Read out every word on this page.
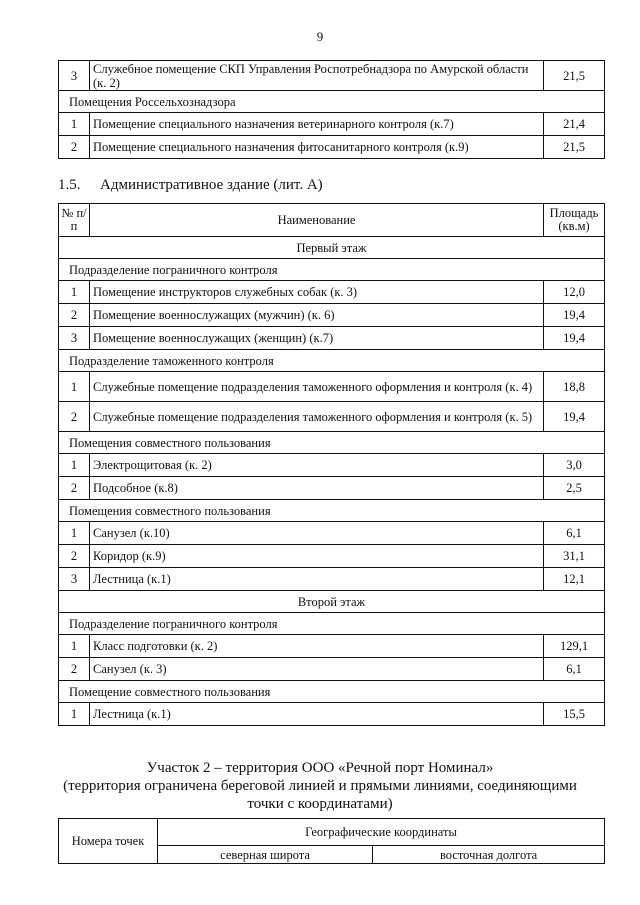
9
3	Служебное помещение СКП Управления Роспотребнадзора по Амурской области (к. 2)	21,5
Помещения Россельхознадзора		
1	Помещение специального назначения ветеринарного контроля (к.7)	21,4
2	Помещение специального назначения фитосанитарного контроля (к.9)	21,5
1.5. Административное здание (лит. А)
№ п/п	Наименование	Площадь (кв.м)
Первый этаж		
Подразделение пограничного контроля		
1	Помещение инструкторов служебных собак (к. 3)	12,0
2	Помещение военнослужащих (мужчин) (к. 6)	19,4
3	Помещение военнослужащих (женщин) (к.7)	19,4
Подразделение таможенного контроля		
1	Служебные помещение подразделения таможенного оформления и контроля (к. 4)	18,8
2	Служебные помещение подразделения таможенного оформления и контроля (к. 5)	19,4
Помещения совместного пользования		
1	Электрощитовая (к. 2)	3,0
2	Подсобное (к.8)	2,5
Помещения совместного пользования		
1	Санузел (к.10)	6,1
2	Коридор (к.9)	31,1
3	Лестница (к.1)	12,1
Второй этаж		
Подразделение пограничного контроля		
1	Класс подготовки (к. 2)	129,1
2	Санузел (к. 3)	6,1
Помещение совместного пользования		
1	Лестница (к.1)	15,5
Участок 2 – территория ООО «Речной порт Номинал»
(территория ограничена береговой линией и прямыми линиями, соединяющими
точки с координатами)
Номера точек	Географические координаты	
	северная широта	восточная долгота
